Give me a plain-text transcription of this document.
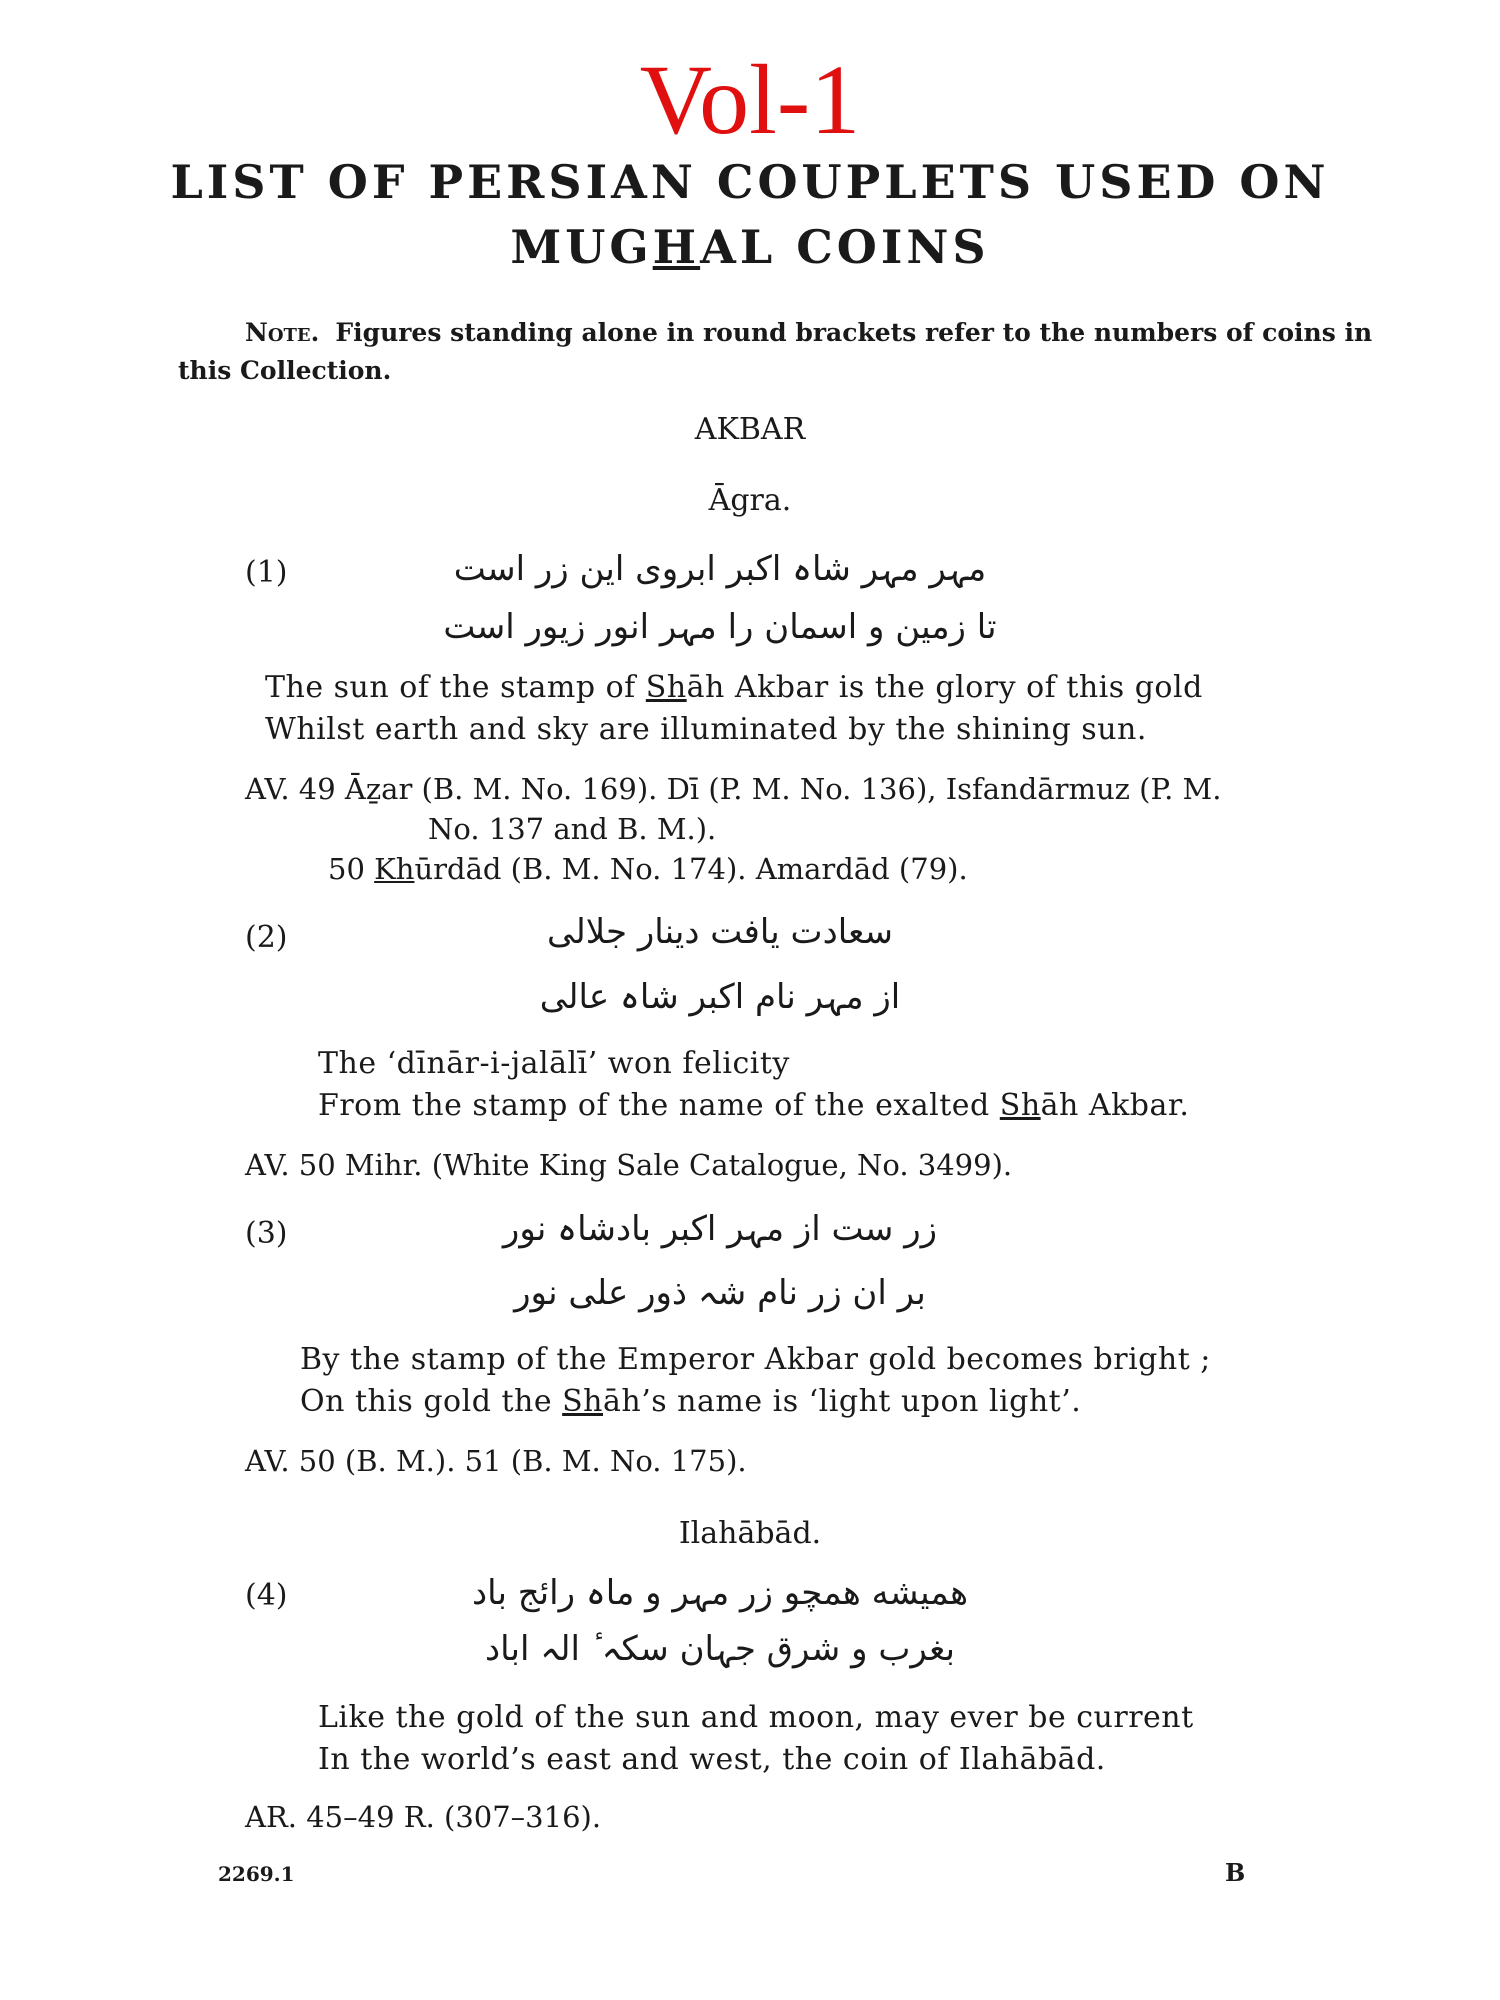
Vol-1
LIST OF PERSIAN COUPLETS USED ON
MUGHAL COINS
Note. Figures standing alone in round brackets refer to the numbers of coins in
this Collection.
AKBAR
Āgra.
(1)	مہر مہر شاہ اکبر ابروی این زر است
تا زمین و اسمان را مہر انور زیور است
The sun of the stamp of Shāh Akbar is the glory of this gold
Whilst earth and sky are illuminated by the shining sun.
AV. 49 Āẕar (B. M. No. 169). Dī (P. M. No. 136), Isfandārmuz (P. M.
No. 137 and B. M.).
50 Khūrdād (B. M. No. 174). Amardād (79).
(2)	سعادت یافت دینار جلالی
از مہر نام اکبر شاہ عالی
The ‘dīnār-i-jalālī’ won felicity
From the stamp of the name of the exalted Shāh Akbar.
AV. 50 Mihr. (White King Sale Catalogue, No. 3499).
(3)	زر ست از مہر اکبر بادشاہ نور
بر ان زر نام شہ ذور علی نور
By the stamp of the Emperor Akbar gold becomes bright ;
On this gold the Shāh’s name is ‘light upon light’.
AV. 50 (B. M.). 51 (B. M. No. 175).
Ilahābād.
(4)	همیشه همچو زر مہر و ماہ رائج باد
بغرب و شرق جہان سکہ ٔ الہ اباد
Like the gold of the sun and moon, may ever be current
In the world’s east and west, the coin of Ilahābād.
AR. 45–49 R. (307–316).
2269.1	B
